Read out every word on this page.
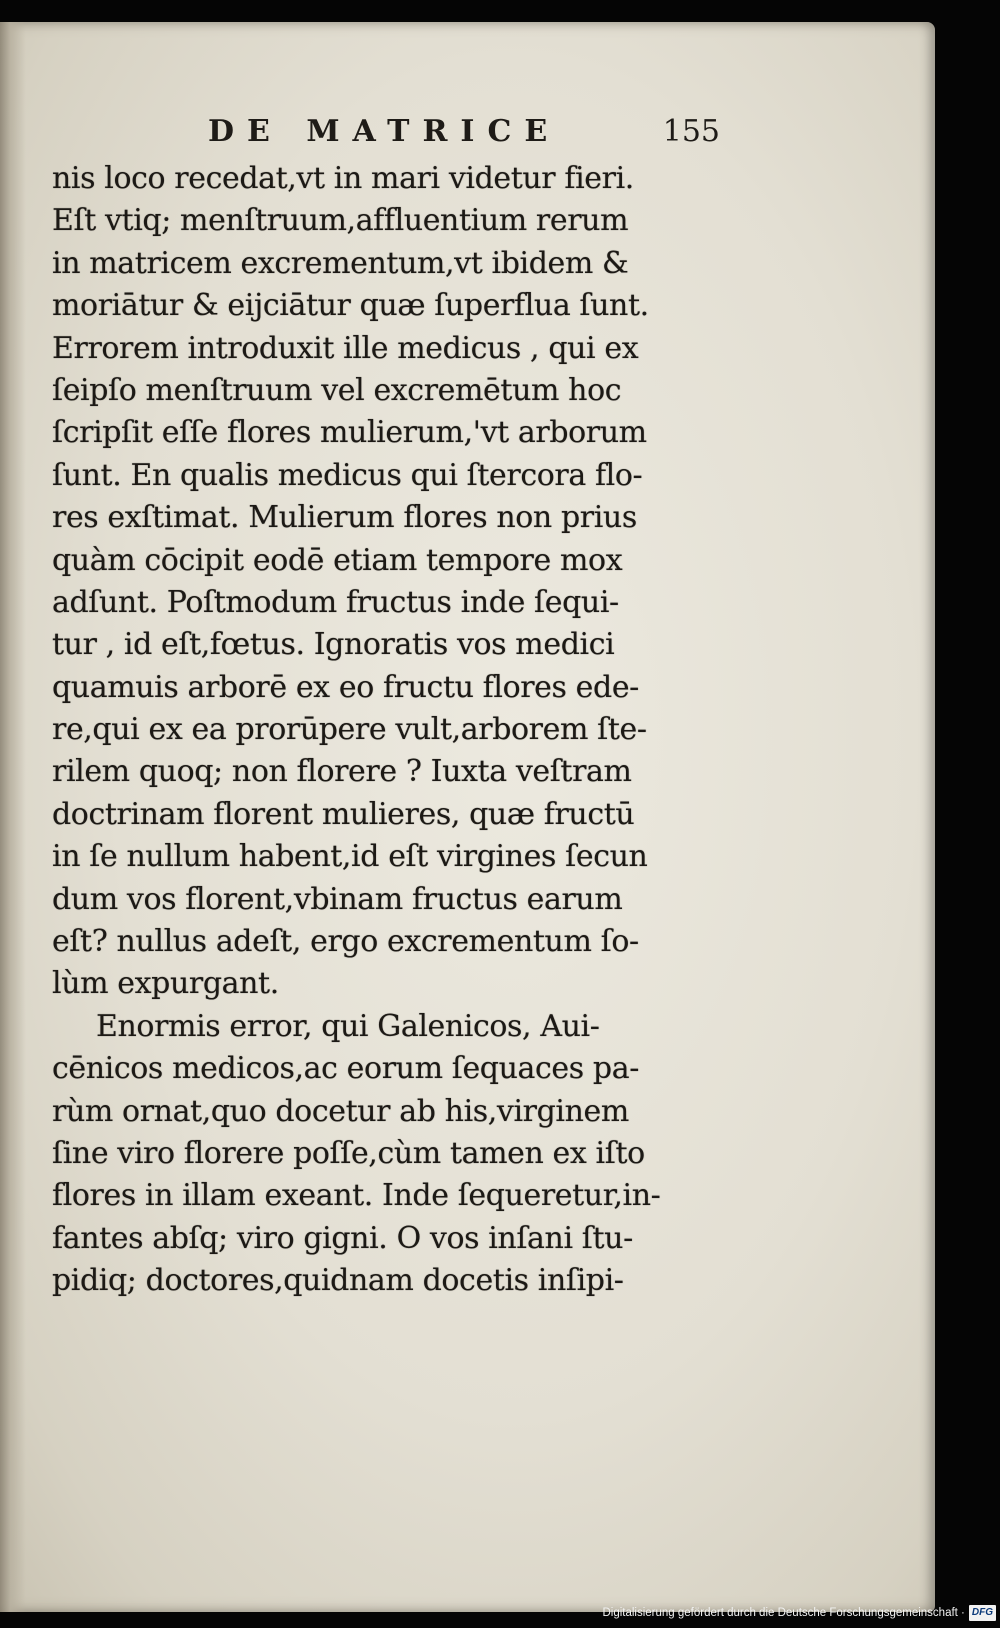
DE MATRICE	155
nis loco recedat,vt in mari videtur fieri.
Eſt vtiq; menſtruum,affluentium rerum
in matricem excrementum,vt ibidem &
moriātur & eijciātur quæ ſuperflua ſunt.
Errorem introduxit ille medicus , qui ex
ſeipſo menſtruum vel excremētum hoc
ſcripſit eſſe flores mulierum,'vt arborum
ſunt. En qualis medicus qui ſtercora flo-
res exſtimat. Mulierum flores non prius
quàm cōcipit eodē etiam tempore mox
adſunt. Poſtmodum fructus inde ſequi-
tur , id eſt,fœtus. Ignoratis vos medici
quamuis arborē ex eo fructu flores ede-
re,qui ex ea prorūpere vult,arborem ſte-
rilem quoq; non florere ? Iuxta veſtram
doctrinam florent mulieres, quæ fructū
in ſe nullum habent,id eſt virgines ſecun
dum vos florent,vbinam fructus earum
eſt? nullus adeſt, ergo excrementum ſo-
lùm expurgant.
Enormis error, qui Galenicos, Aui-
cēnicos medicos,ac eorum ſequaces pa-
rùm ornat,quo docetur ab his,virginem
ſine viro florere poſſe,cùm tamen ex iſto
flores in illam exeant. Inde ſequeretur,in-
fantes abſq; viro gigni. O vos inſani ſtu-
pidiq; doctores,quidnam docetis inſipi-
Digitalisierung gefördert durch die Deutsche Forschungsgemeinschaft · DFG
